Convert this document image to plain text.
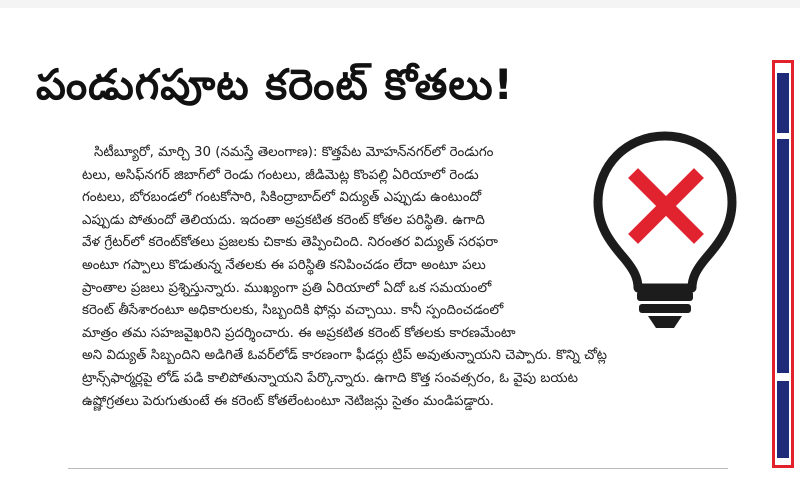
పండుగపూట కరెంట్ కోతలు!
సిటీబ్యూరో, మార్చి 30 (నమస్తే తెలంగాణ): కొత్తపేట మోహన్‌నగర్‌లో రెండుగం
టలు, అసిఫ్‌నగర్ జిబాగ్‌లో రెండు గంటలు, జీడిమెట్ల కొంపల్లి ఏరియాలో రెండు
గంటలు, బోరబండలో గంటకోసారి, సికింద్రాబాద్‌లో విద్యుత్ ఎప్పుడు ఉంటుందో
ఎప్పుడు పోతుందో తెలియదు. ఇదంతా అప్రకటిత కరెంట్ కోతల పరిస్థితి. ఉగాది
వేళ గ్రేటర్‌లో కరెంట్‌కోతలు ప్రజలకు చికాకు తెప్పించింది. నిరంతర విద్యుత్ సరఫరా
అంటూ గప్పాలు కొడుతున్న నేతలకు ఈ పరిస్థితి కనిపించడం లేదా అంటూ పలు
ప్రాంతాల ప్రజలు ప్రశ్నిస్తున్నారు. ముఖ్యంగా ప్రతి ఏరియాలో ఏదో ఒక సమయంలో
కరెంట్ తీసేశారంటూ అధికారులకు, సిబ్బందికి ఫోన్లు వచ్చాయి. కానీ స్పందించడంలో
మాత్రం తమ సహజవైఖరిని ప్రదర్శించారు. ఈ అప్రకటిత కరెంట్ కోతలకు కారణమేంటా
అని విద్యుత్ సిబ్బందిని అడిగితే ఓవర్‌లోడ్ కారణంగా ఫీడర్లు ట్రిప్ అవుతున్నాయని చెప్పారు. కొన్ని చోట్ల
ట్రాన్స్‌ఫార్మర్లపై లోడ్ పడి కాలిపోతున్నాయని పేర్కొన్నారు. ఉగాది కొత్త సంవత్సరం, ఓ వైపు బయట
ఉష్ణోగ్రతలు పెరుగుతుంటే ఈ కరెంట్ కోతలేంటంటూ నెటిజన్లు సైతం మండిపడ్డారు.
